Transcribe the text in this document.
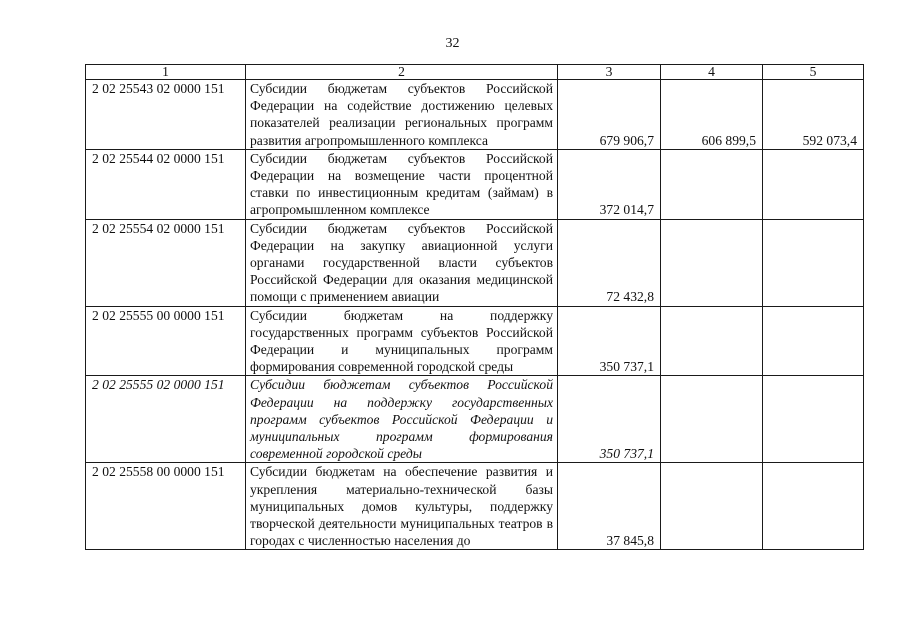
32
1	2	3	4	5
2 02 25543 02 0000 151	Субсидии бюджетам субъектов Российской Федерации на содействие достижению целевых показателей реализации региональных программ развития агропромышленного комплекса	679 906,7	606 899,5	592 073,4
2 02 25544 02 0000 151	Субсидии бюджетам субъектов Российской Федерации на возмещение части процентной ставки по инвестиционным кредитам (займам) в агропромышленном комплексе	372 014,7		
2 02 25554 02 0000 151	Субсидии бюджетам субъектов Российской Федерации на закупку авиационной услуги органами государственной власти субъектов Российской Федерации для оказания медицинской помощи с применением авиации	72 432,8		
2 02 25555 00 0000 151	Субсидии бюджетам на поддержку государственных программ субъектов Российской Федерации и муниципальных программ формирования современной городской среды	350 737,1		
2 02 25555 02 0000 151	Субсидии бюджетам субъектов Российской Федерации на поддержку государственных программ субъектов Российской Федерации и муниципальных программ формирования современной городской среды	350 737,1		
2 02 25558 00 0000 151	Субсидии бюджетам на обеспечение развития и укрепления материально-технической базы муниципальных домов культуры, поддержку творческой деятельности муниципальных театров в городах с численностью населения до	37 845,8		
